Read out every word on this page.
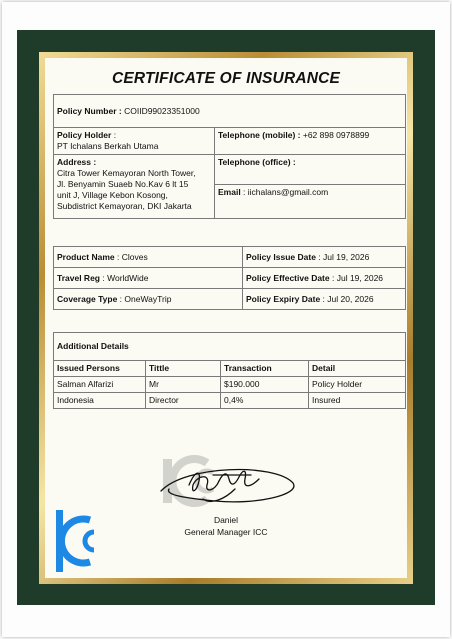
CERTIFICATE OF INSURANCE
Policy Number : COIID99023351000	
Policy Holder :
PT Ichalans Berkah Utama	Telephone (mobile) : +62 898 0978899
Address :
Citra Tower Kemayoran North Tower,
Jl. Benyamin Suaeb No.Kav 6 lt 15
unit J, Village Kebon Kosong,
Subdistrict Kemayoran, DKI Jakarta	Telephone (office) :
	Email : iichalans@gmail.com
Product Name : Cloves	Policy Issue Date : Jul 19, 2026
Travel Reg : WorldWide	Policy Effective Date : Jul 19, 2026
Coverage Type : OneWayTrip	Policy Expiry Date : Jul 20, 2026
Additional Details			
Issued Persons	Tittle	Transaction	Detail
Salman Alfarizi	Mr	$190.000	Policy Holder
Indonesia	Director	0,4%	Insured
Daniel
General Manager ICC
